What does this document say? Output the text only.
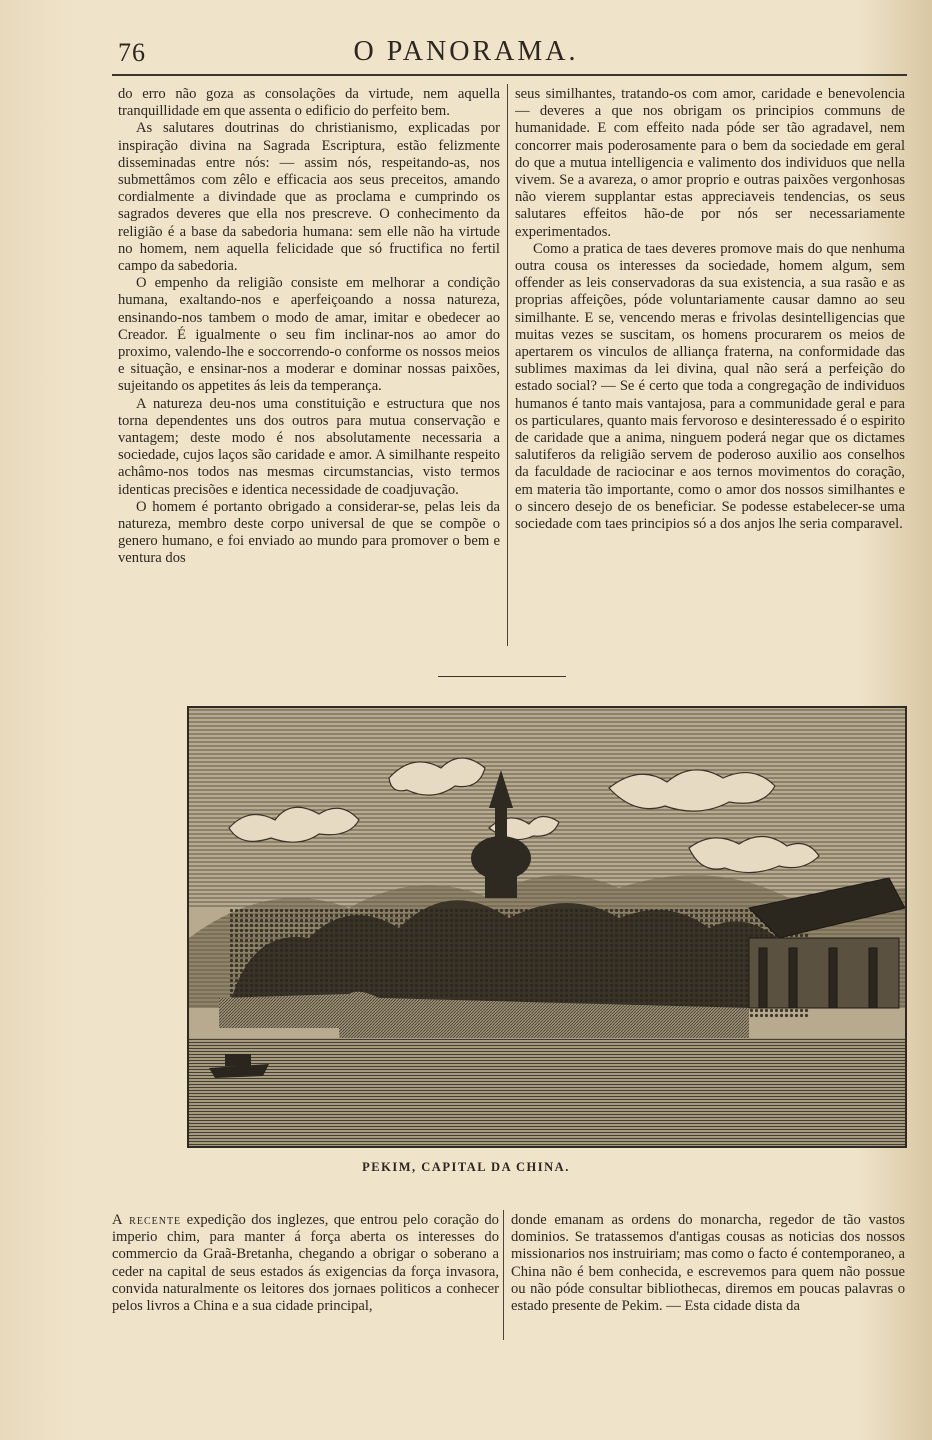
76	O PANORAMA.

do erro não goza as consolações da virtude, nem aquella tranquillidade em que assenta o edificio do perfeito bem.

As salutares doutrinas do christianismo, explicadas por inspiração divina na Sagrada Escriptura, estão felizmente disseminadas entre nós: — assim nós, respeitando-as, nos submettâmos com zêlo e efficacia aos seus preceitos, amando cordialmente a divindade que as proclama e cumprindo os sagrados deveres que ella nos prescreve. O conhecimento da religião é a base da sabedoria humana: sem elle não ha virtude no homem, nem aquella felicidade que só fructifica no fertil campo da sabedoria.

O empenho da religião consiste em melhorar a condição humana, exaltando-nos e aperfeiçoando a nossa natureza, ensinando-nos tambem o modo de amar, imitar e obedecer ao Creador. É igualmente o seu fim inclinar-nos ao amor do proximo, valendo-lhe e soccorrendo-o conforme os nossos meios e situação, e ensinar-nos a moderar e dominar nossas paixões, sujeitando os appetites ás leis da temperança.

A natureza deu-nos uma constituição e estructura que nos torna dependentes uns dos outros para mutua conservação e vantagem; deste modo é nos absolutamente necessaria a sociedade, cujos laços são caridade e amor. A similhante respeito achâmo-nos todos nas mesmas circumstancias, visto termos identicas precisões e identica necessidade de coadjuvação.

O homem é portanto obrigado a considerar-se, pelas leis da natureza, membro deste corpo universal de que se compõe o genero humano, e foi enviado ao mundo para promover o bem e ventura dos

seus similhantes, tratando-os com amor, caridade e benevolencia — deveres a que nos obrigam os principios communs de humanidade. E com effeito nada póde ser tão agradavel, nem concorrer mais poderosamente para o bem da sociedade em geral do que a mutua intelligencia e valimento dos individuos que nella vivem. Se a avareza, o amor proprio e outras paixões vergonhosas não vierem supplantar estas appreciaveis tendencias, os seus salutares effeitos hão-de por nós ser necessariamente experimentados.

Como a pratica de taes deveres promove mais do que nenhuma outra cousa os interesses da sociedade, homem algum, sem offender as leis conservadoras da sua existencia, a sua rasão e as proprias affeições, póde voluntariamente causar damno ao seu similhante. E se, vencendo meras e frivolas desintelligencias que muitas vezes se suscitam, os homens procurarem os meios de apertarem os vinculos de alliança fraterna, na conformidade das sublimes maximas da lei divina, qual não será a perfeição do estado social? — Se é certo que toda a congregação de individuos humanos é tanto mais vantajosa, para a communidade geral e para os particulares, quanto mais fervoroso e desinteressado é o espirito de caridade que a anima, ninguem poderá negar que os dictames salutiferos da religião servem de poderoso auxilio aos conselhos da faculdade de raciocinar e aos ternos movimentos do coração, em materia tão importante, como o amor dos nossos similhantes e o sincero desejo de os beneficiar. Se podesse estabelecer-se uma sociedade com taes principios só a dos anjos lhe seria comparavel.

PEKIM, CAPITAL DA CHINA.

A recente expedição dos inglezes, que entrou pelo coração do imperio chim, para manter á força aberta os interesses do commercio da Graã-Bretanha, chegando a obrigar o soberano a ceder na capital de seus estados ás exigencias da força invasora, convida naturalmente os leitores dos jornaes politicos a conhecer pelos livros a China e a sua cidade principal,

donde emanam as ordens do monarcha, regedor de tão vastos dominios. Se tratassemos d'antigas cousas as noticias dos nossos missionarios nos instruiriam; mas como o facto é contemporaneo, a China não é bem conhecida, e escrevemos para quem não possue ou não póde consultar bibliothecas, diremos em poucas palavras o estado presente de Pekim. — Esta cidade dista da
